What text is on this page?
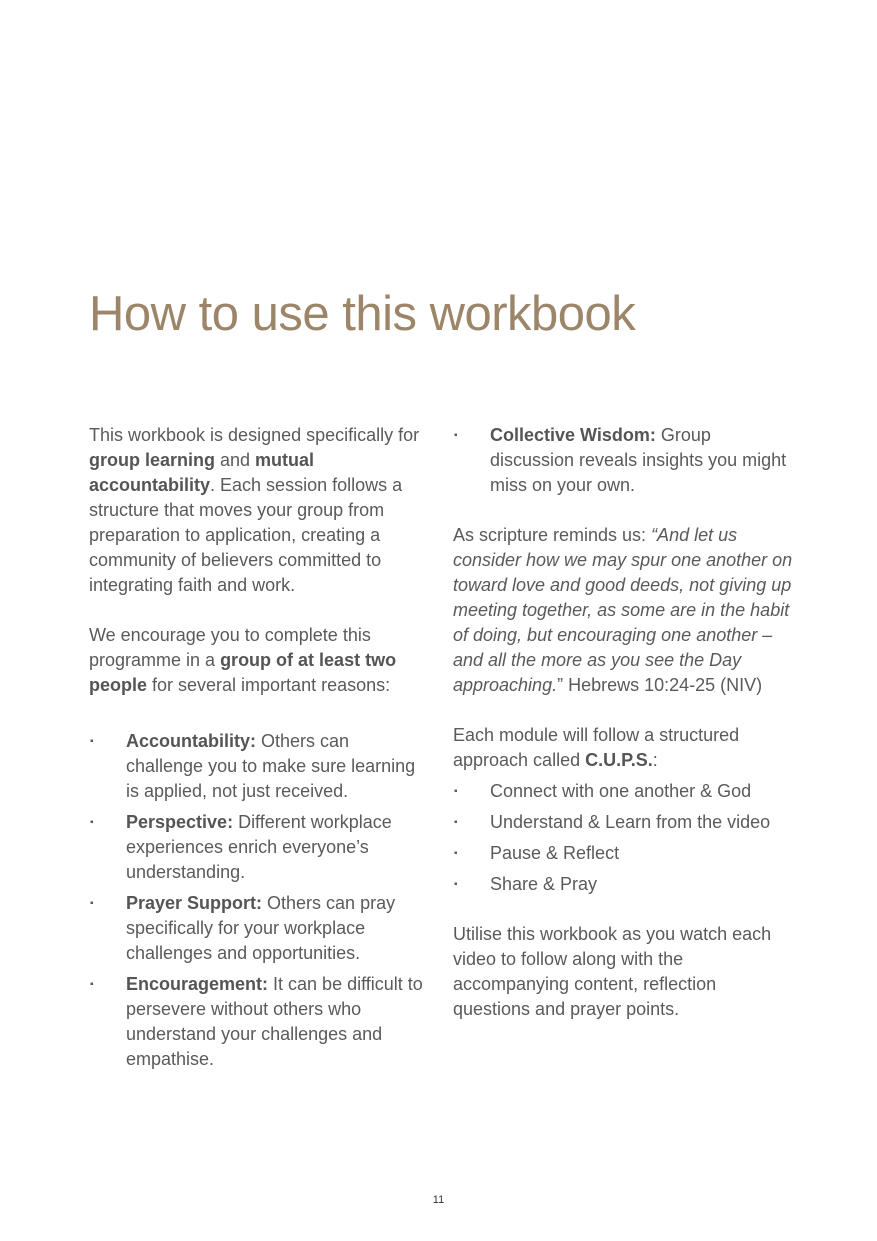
How to use this workbook

This workbook is designed specifically for group learning and mutual accountability. Each session follows a structure that moves your group from preparation to application, creating a community of believers committed to integrating faith and work.

We encourage you to complete this programme in a group of at least two people for several important reasons:

▪ Accountability: Others can challenge you to make sure learning is applied, not just received.
▪ Perspective: Different workplace experiences enrich everyone’s understanding.
▪ Prayer Support: Others can pray specifically for your workplace challenges and opportunities.
▪ Encouragement: It can be difficult to persevere without others who understand your challenges and empathise.
▪ Collective Wisdom: Group discussion reveals insights you might miss on your own.

As scripture reminds us: “And let us consider how we may spur one another on toward love and good deeds, not giving up meeting together, as some are in the habit of doing, but encouraging one another – and all the more as you see the Day approaching.” Hebrews 10:24-25 (NIV)

Each module will follow a structured approach called C.U.P.S.:

▪ Connect with one another & God
▪ Understand & Learn from the video
▪ Pause & Reflect
▪ Share & Pray

Utilise this workbook as you watch each video to follow along with the accompanying content, reflection questions and prayer points.

11
